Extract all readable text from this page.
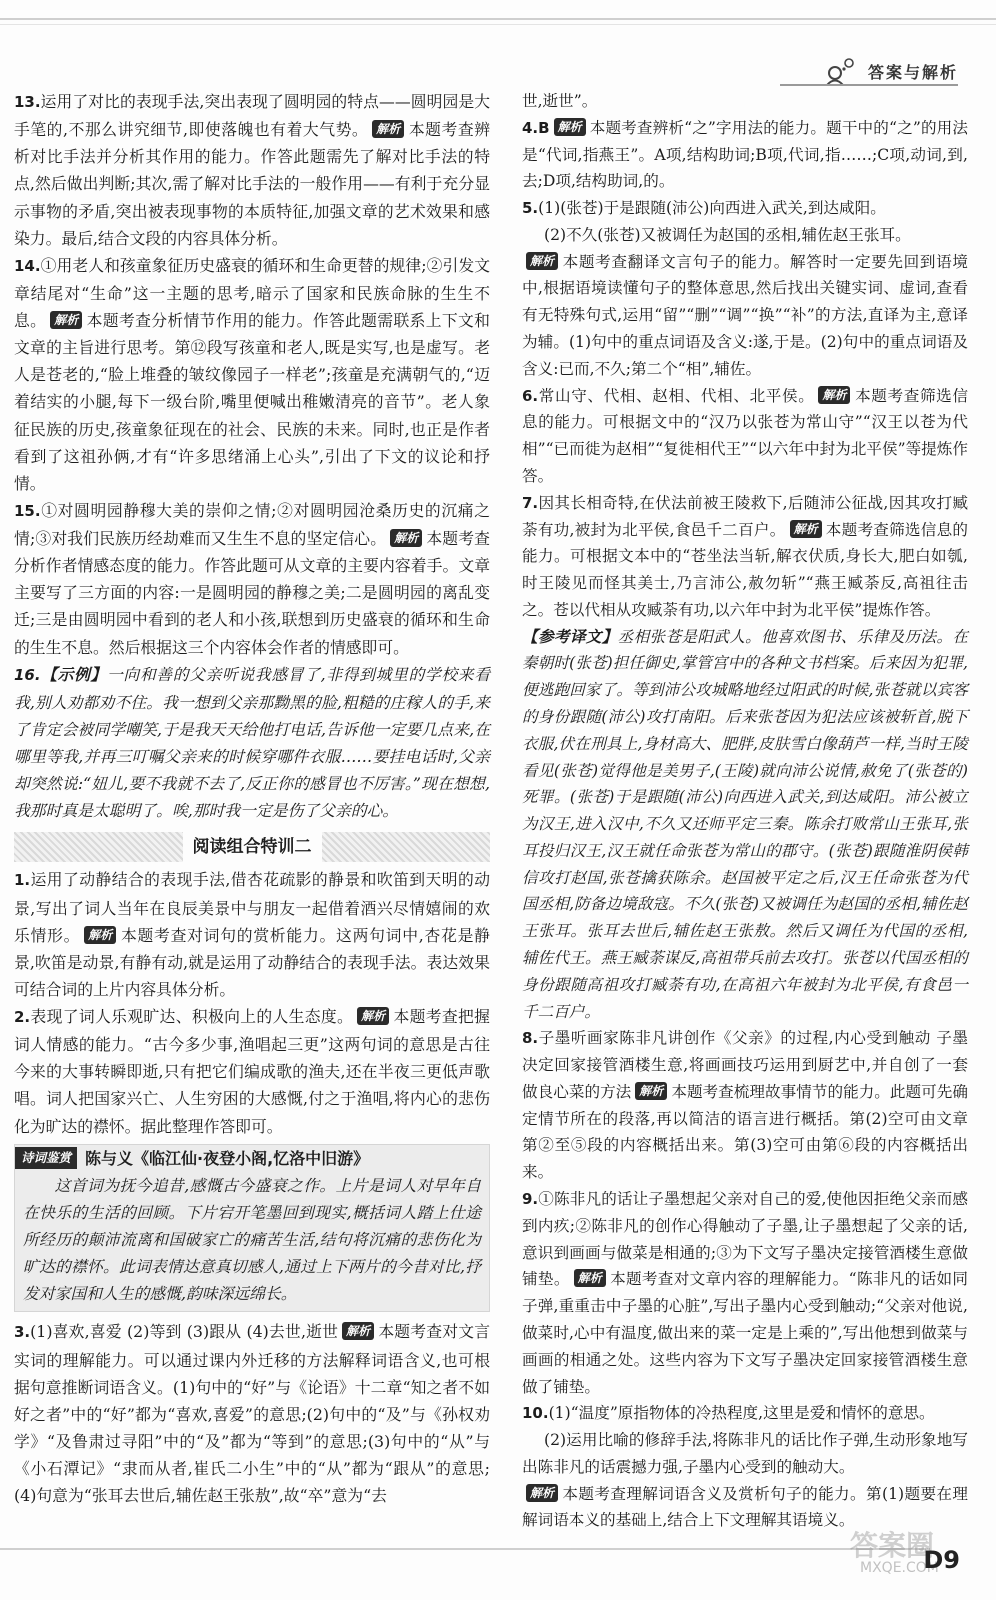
答案与解析

13.运用了对比的表现手法,突出表现了圆明园的特点——圆明园是大手笔的,不那么讲究细节,即使落魄也有着大气势。 解析 本题考查辨析对比手法并分析其作用的能力。作答此题需先了解对比手法的特点,然后做出判断;其次,需了解对比手法的一般作用——有利于充分显示事物的矛盾,突出被表现事物的本质特征,加强文章的艺术效果和感染力。最后,结合文段的内容具体分析。

14.①用老人和孩童象征历史盛衰的循环和生命更替的规律;②引发文章结尾对“生命”这一主题的思考,暗示了国家和民族命脉的生生不息。 解析 本题考查分析情节作用的能力。作答此题需联系上下文和文章的主旨进行思考。第⑫段写孩童和老人,既是实写,也是虚写。老人是苍老的,“脸上堆叠的皱纹像园子一样老”;孩童是充满朝气的,“迈着结实的小腿,每下一级台阶,嘴里便喊出稚嫩清亮的音节”。老人象征民族的历史,孩童象征现在的社会、民族的未来。同时,也正是作者看到了这祖孙俩,才有“许多思绪涌上心头”,引出了下文的议论和抒情。

15.①对圆明园静穆大美的崇仰之情;②对圆明园沧桑历史的沉痛之情;③对我们民族历经劫难而又生生不息的坚定信心。 解析 本题考查分析作者情感态度的能力。作答此题可从文章的主要内容着手。文章主要写了三方面的内容:一是圆明园的静穆之美;二是圆明园的离乱变迁;三是由圆明园中看到的老人和小孩,联想到历史盛衰的循环和生命的生生不息。然后根据这三个内容体会作者的情感即可。

16.【示例】一向和善的父亲听说我感冒了,非得到城里的学校来看我,别人劝都劝不住。我一想到父亲那黝黑的脸,粗糙的庄稼人的手,来了肯定会被同学嘲笑,于是我天天给他打电话,告诉他一定要几点来,在哪里等我,并再三叮嘱父亲来的时候穿哪件衣服……要挂电话时,父亲却突然说:“妞儿,要不我就不去了,反正你的感冒也不厉害。”现在想想,我那时真是太聪明了。唉,那时我一定是伤了父亲的心。

阅读组合特训二

1.运用了动静结合的表现手法,借杏花疏影的静景和吹笛到天明的动景,写出了词人当年在良辰美景中与朋友一起借着酒兴尽情嬉闹的欢乐情形。 解析 本题考查对词句的赏析能力。这两句词中,杏花是静景,吹笛是动景,有静有动,就是运用了动静结合的表现手法。表达效果可结合词的上片内容具体分析。

2.表现了词人乐观旷达、积极向上的人生态度。 解析 本题考查把握词人情感的能力。“古今多少事,渔唱起三更”这两句词的意思是古往今来的大事转瞬即逝,只有把它们编成歌的渔夫,还在半夜三更低声歌唱。词人把国家兴亡、人生穷困的大感慨,付之于渔唱,将内心的悲伤化为旷达的襟怀。据此整理作答即可。

诗词鉴赏 陈与义《临江仙·夜登小阁,忆洛中旧游》

这首词为抚今追昔,感慨古今盛衰之作。上片是词人对早年自在快乐的生活的回顾。下片宕开笔墨回到现实,概括词人踏上仕途所经历的颠沛流离和国破家亡的痛苦生活,结句将沉痛的悲伤化为旷达的襟怀。此词表情达意真切感人,通过上下两片的今昔对比,抒发对家国和人生的感慨,韵味深远绵长。

3.(1)喜欢,喜爱 (2)等到 (3)跟从 (4)去世,逝世 解析 本题考查对文言实词的理解能力。可以通过课内外迁移的方法解释词语含义,也可根据句意推断词语含义。(1)句中的“好”与《论语》十二章“知之者不如好之者”中的“好”都为“喜欢,喜爱”的意思;(2)句中的“及”与《孙权劝学》“及鲁肃过寻阳”中的“及”都为“等到”的意思;(3)句中的“从”与《小石潭记》“隶而从者,崔氏二小生”中的“从”都为“跟从”的意思;(4)句意为“张耳去世后,辅佐赵王张敖”,故“卒”意为“去

世,逝世”。

4.B 解析 本题考查辨析“之”字用法的能力。题干中的“之”的用法是“代词,指燕王”。A项,结构助词;B项,代词,指……;C项,动词,到,去;D项,结构助词,的。

5.(1)(张苍)于是跟随(沛公)向西进入武关,到达咸阳。
(2)不久(张苍)又被调任为赵国的丞相,辅佐赵王张耳。
解析 本题考查翻译文言句子的能力。解答时一定要先回到语境中,根据语境读懂句子的整体意思,然后找出关键实词、虚词,查看有无特殊句式,运用“留”“删”“调”“换”“补”的方法,直译为主,意译为辅。(1)句中的重点词语及含义:遂,于是。(2)句中的重点词语及含义:已而,不久;第二个“相”,辅佐。

6.常山守、代相、赵相、代相、北平侯。 解析 本题考查筛选信息的能力。可根据文中的“汉乃以张苍为常山守”“汉王以苍为代相”“已而徙为赵相”“复徙相代王”“以六年中封为北平侯”等提炼作答。

7.因其长相奇特,在伏法前被王陵救下,后随沛公征战,因其攻打臧荼有功,被封为北平侯,食邑千二百户。 解析 本题考查筛选信息的能力。可根据文本中的“苍坐法当斩,解衣伏质,身长大,肥白如瓠,时王陵见而怪其美士,乃言沛公,赦勿斩”“燕王臧荼反,高祖往击之。苍以代相从攻臧荼有功,以六年中封为北平侯”提炼作答。

【参考译文】丞相张苍是阳武人。他喜欢图书、乐律及历法。在秦朝时(张苍)担任御史,掌管宫中的各种文书档案。后来因为犯罪,便逃跑回家了。等到沛公攻城略地经过阳武的时候,张苍就以宾客的身份跟随(沛公)攻打南阳。后来张苍因为犯法应该被斩首,脱下衣服,伏在刑具上,身材高大、肥胖,皮肤雪白像葫芦一样,当时王陵看见(张苍)觉得他是美男子,(王陵)就向沛公说情,赦免了(张苍的)死罪。(张苍)于是跟随(沛公)向西进入武关,到达咸阳。沛公被立为汉王,进入汉中,不久又还师平定三秦。陈余打败常山王张耳,张耳投归汉王,汉王就任命张苍为常山的郡守。(张苍)跟随淮阴侯韩信攻打赵国,张苍擒获陈余。赵国被平定之后,汉王任命张苍为代国丞相,防备边境敌寇。不久(张苍)又被调任为赵国的丞相,辅佐赵王张耳。张耳去世后,辅佐赵王张敖。然后又调任为代国的丞相,辅佐代王。燕王臧荼谋反,高祖带兵前去攻打。张苍以代国丞相的身份跟随高祖攻打臧荼有功,在高祖六年被封为北平侯,有食邑一千二百户。

8.子墨听画家陈非凡讲创作《父亲》的过程,内心受到触动 子墨决定回家接管酒楼生意,将画画技巧运用到厨艺中,并自创了一套做良心菜的方法 解析 本题考查梳理故事情节的能力。此题可先确定情节所在的段落,再以简洁的语言进行概括。第(2)空可由文章第②至⑤段的内容概括出来。第(3)空可由第⑥段的内容概括出来。

9.①陈非凡的话让子墨想起父亲对自己的爱,使他因拒绝父亲而感到内疚;②陈非凡的创作心得触动了子墨,让子墨想起了父亲的话,意识到画画与做菜是相通的;③为下文写子墨决定接管酒楼生意做铺垫。 解析 本题考查对文章内容的理解能力。“陈非凡的话如同子弹,重重击中子墨的心脏”,写出子墨内心受到触动;“父亲对他说,做菜时,心中有温度,做出来的菜一定是上乘的”,写出他想到做菜与画画的相通之处。这些内容为下文写子墨决定回家接管酒楼生意做了铺垫。

10.(1)“温度”原指物体的冷热程度,这里是爱和情怀的意思。
(2)运用比喻的修辞手法,将陈非凡的话比作子弹,生动形象地写出陈非凡的话震撼力强,子墨内心受到的触动大。
解析 本题考查理解词语含义及赏析句子的能力。第(1)题要在理解词语本义的基础上,结合上下文理解其语境义。

答案圈
MXQE.COM
D9
